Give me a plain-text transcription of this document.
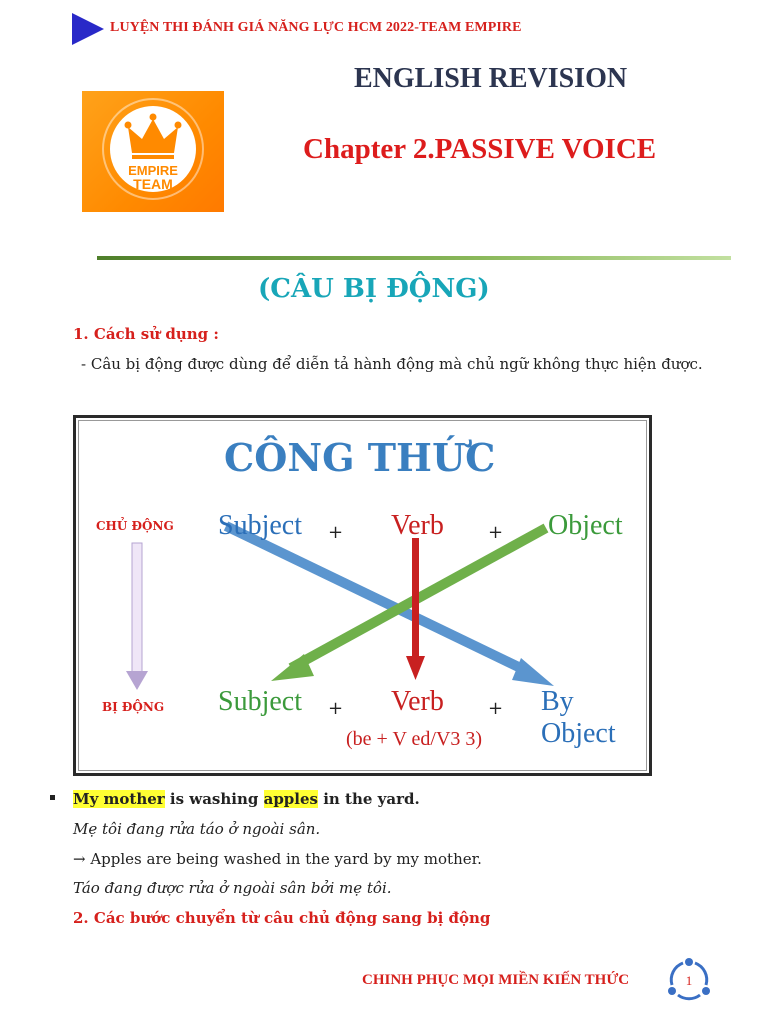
LUYỆN THI ĐÁNH GIÁ NĂNG LỰC HCM 2022-TEAM EMPIRE
EMPIRE
TEAM
ENGLISH REVISION
Chapter 2.PASSIVE VOICE
(CÂU BỊ ĐỘNG)
1. Cách sử dụng :
- Câu bị động được dùng để diễn tả hành động mà chủ ngữ không thực hiện được.
CÔNG THỨC
CHỦ ĐỘNG
BỊ ĐỘNG
Subject + Verb + Object
Subject + Verb + By Object
(be + V ed/V3 3)
My mother is washing apples in the yard.
Mẹ tôi đang rửa táo ở ngoài sân.
→ Apples are being washed in the yard by my mother.
Táo đang được rửa ở ngoài sân bởi mẹ tôi.
2. Các bước chuyển từ câu chủ động sang bị động
CHINH PHỤC MỌI MIỀN KIẾN THỨC	1
